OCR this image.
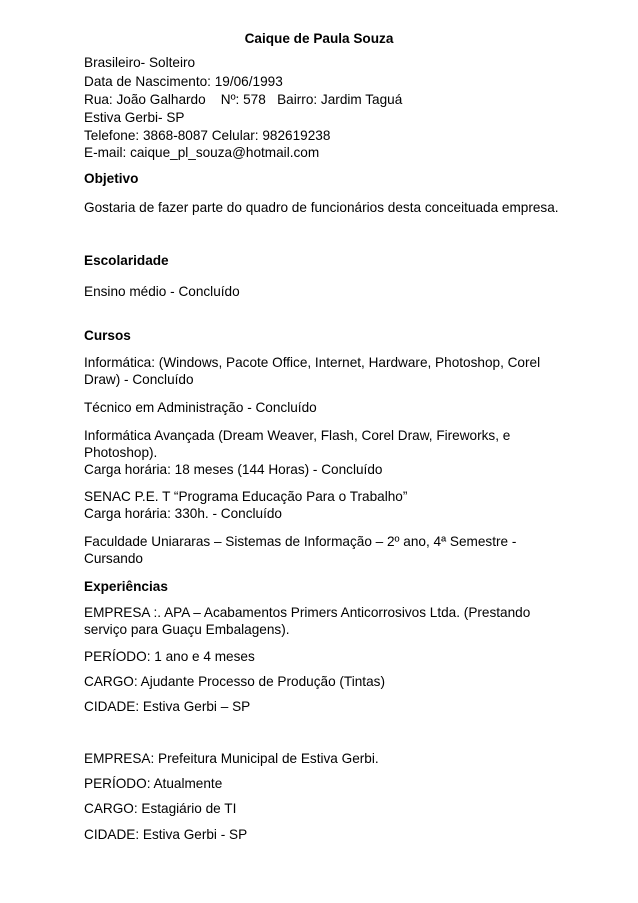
Caique de Paula Souza
Brasileiro- Solteiro
Data de Nascimento: 19/06/1993
Rua: João Galhardo    Nº: 578   Bairro: Jardim Taguá
Estiva Gerbi- SP
Telefone: 3868-8087 Celular: 982619238
E-mail: caique_pl_souza@hotmail.com
Objetivo
Gostaria de fazer parte do quadro de funcionários desta conceituada empresa.
Escolaridade
Ensino médio - Concluído
Cursos
Informática: (Windows, Pacote Office, Internet, Hardware, Photoshop, Corel
Draw) - Concluído
Técnico em Administração - Concluído
Informática Avançada (Dream Weaver, Flash, Corel Draw, Fireworks, e
Photoshop).
Carga horária: 18 meses (144 Horas) - Concluído
SENAC P.E. T “Programa Educação Para o Trabalho”
Carga horária: 330h. - Concluído
Faculdade Uniararas – Sistemas de Informação – 2º ano, 4ª Semestre -
Cursando
Experiências
EMPRESA :. APA – Acabamentos Primers Anticorrosivos Ltda. (Prestando
serviço para Guaçu Embalagens).
PERÍODO: 1 ano e 4 meses
CARGO: Ajudante Processo de Produção (Tintas)
CIDADE: Estiva Gerbi – SP
EMPRESA: Prefeitura Municipal de Estiva Gerbi.
PERÍODO: Atualmente
CARGO: Estagiário de TI
CIDADE: Estiva Gerbi - SP
